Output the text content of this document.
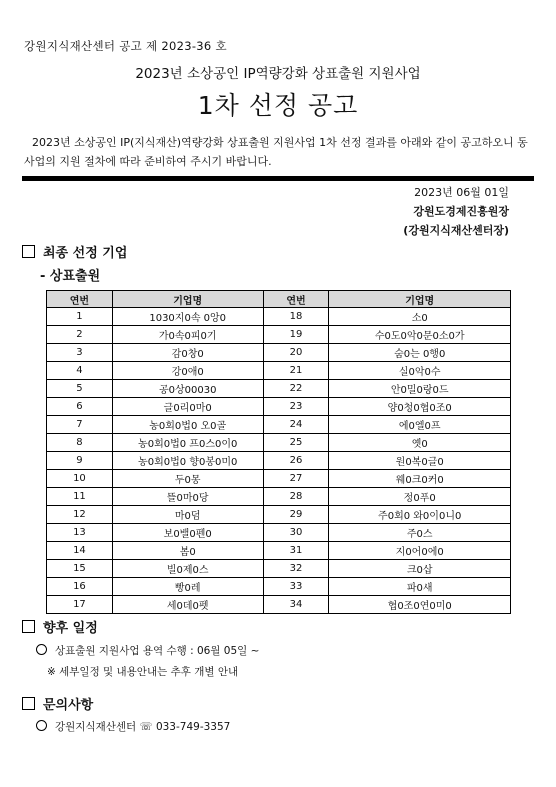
강원지식재산센터 공고 제 2023-36 호
2023년 소상공인 IP역량강화 상표출원 지원사업
1차 선정 공고
2023년 소상공인 IP(지식재산)역량강화 상표출원 지원사업 1차 선정 결과를 아래와 같이 공고하오니 동 사업의 지원 절차에 따라 준비하여 주시기 바랍니다.
2023년 06월 01일
강원도경제진흥원장
(강원지식재산센터장)
최종 선정 기업
- 상표출원
연번	기업명	연번	기업명
1	1030지0속 0앙0	18	소0
2	가0속0피0기	19	수0도0악0문0소0가
3	감0창0	20	숨0는 0행0
4	강0애0	21	실0악0수
5	공0상00030	22	안0밀0랑0드
6	글0리0마0	23	양0청0협0조0
7	농0회0법0 오0골	24	에0엘0프
8	농0회0법0 프0스0이0	25	옛0
9	농0회0법0 향0봉0미0	26	원0복0글0
10	두0몽	27	웨0크0커0
11	뜰0마0당	28	정0푸0
12	마0덤	29	주0회0 와0이0니0
13	보0밸0펜0	30	주0스
14	봄0	31	지0어0에0
15	빌0제0스	32	크0삽
16	빵0레	33	파0새
17	세0데0펫	34	협0조0연0미0
향후 일정
상표출원 지원사업 용역 수행 : 06월 05일 ~
※ 세부일정 및 내용안내는 추후 개별 안내
문의사항
강원지식재산센터 ☏ 033-749-3357
